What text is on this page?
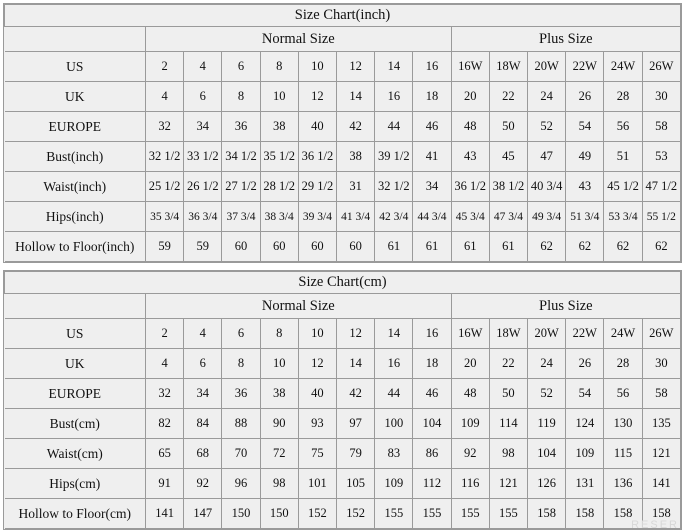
Size Chart(inch)														
	Normal Size								Plus Size					
US	2	4	6	8	10	12	14	16	16W	18W	20W	22W	24W	26W
UK	4	6	8	10	12	14	16	18	20	22	24	26	28	30
EUROPE	32	34	36	38	40	42	44	46	48	50	52	54	56	58
Bust(inch)	32 1/2	33 1/2	34 1/2	35 1/2	36 1/2	38	39 1/2	41	43	45	47	49	51	53
Waist(inch)	25 1/2	26 1/2	27 1/2	28 1/2	29 1/2	31	32 1/2	34	36 1/2	38 1/2	40 3/4	43	45 1/2	47 1/2
Hips(inch)	35 3/4	36 3/4	37 3/4	38 3/4	39 3/4	41 3/4	42 3/4	44 3/4	45 3/4	47 3/4	49 3/4	51 3/4	53 3/4	55 1/2
Hollow to Floor(inch)	59	59	60	60	60	60	61	61	61	61	62	62	62	62
Size Chart(cm)														
	Normal Size								Plus Size					
US	2	4	6	8	10	12	14	16	16W	18W	20W	22W	24W	26W
UK	4	6	8	10	12	14	16	18	20	22	24	26	28	30
EUROPE	32	34	36	38	40	42	44	46	48	50	52	54	56	58
Bust(cm)	82	84	88	90	93	97	100	104	109	114	119	124	130	135
Waist(cm)	65	68	70	72	75	79	83	86	92	98	104	109	115	121
Hips(cm)	91	92	96	98	101	105	109	112	116	121	126	131	136	141
Hollow to Floor(cm)	141	147	150	150	152	152	155	155	155	155	158	158	158	158
RESER
